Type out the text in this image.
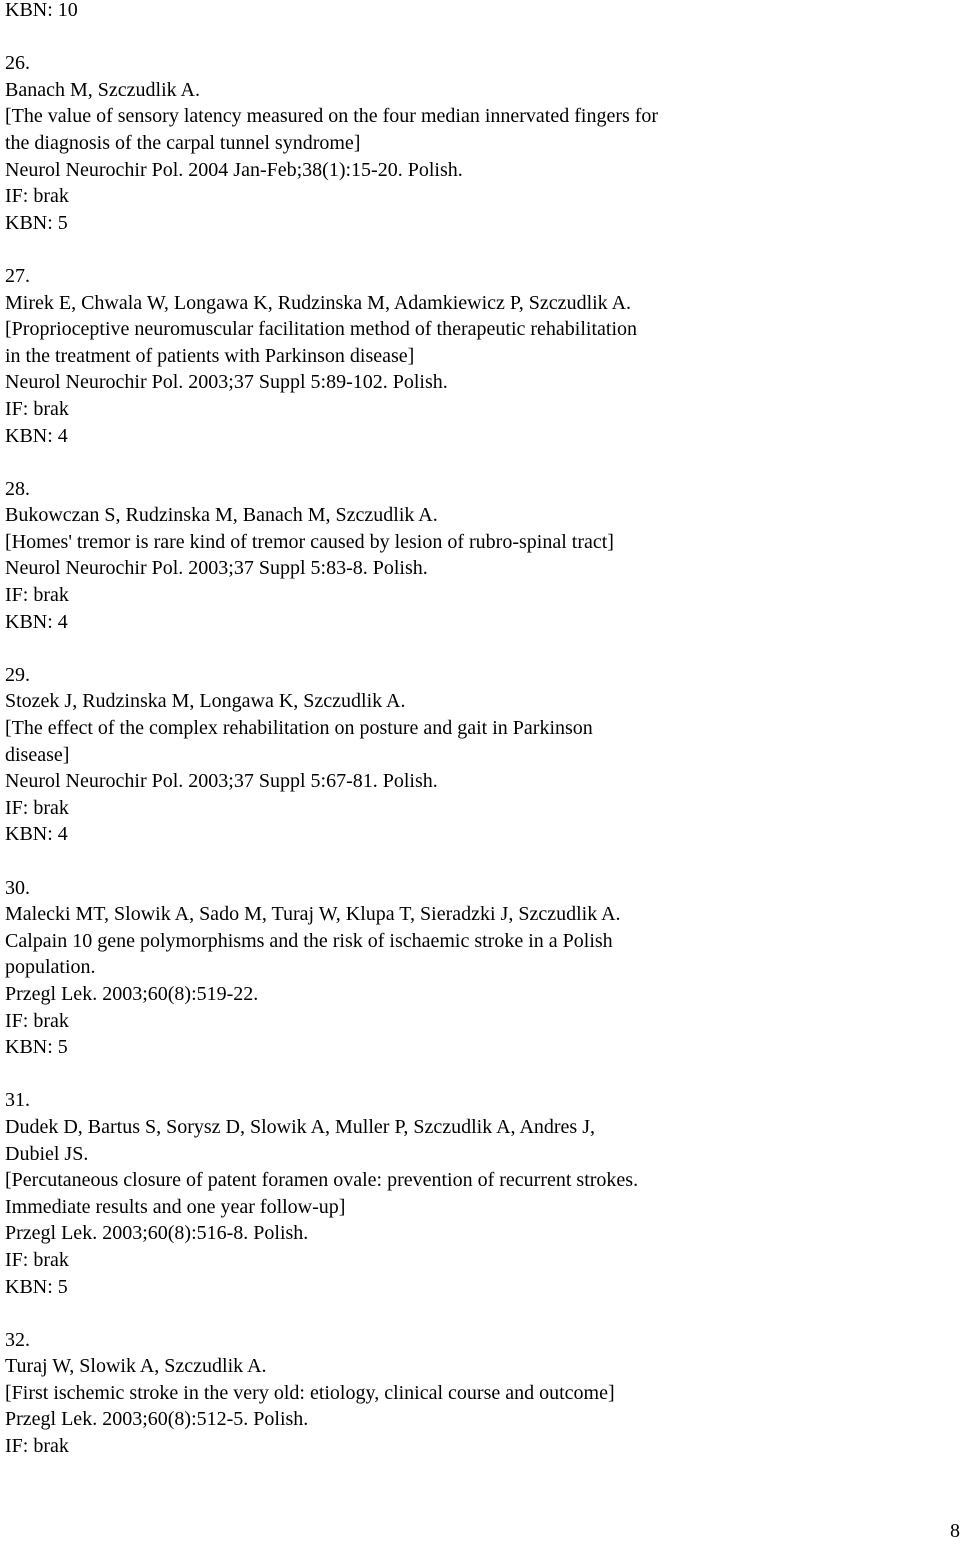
KBN: 10
26.
Banach M, Szczudlik A.
[The value of sensory latency measured on the four median innervated fingers for
the diagnosis of the carpal tunnel syndrome]
Neurol Neurochir Pol. 2004 Jan-Feb;38(1):15-20. Polish.
IF: brak
KBN: 5
27.
Mirek E, Chwala W, Longawa K, Rudzinska M, Adamkiewicz P, Szczudlik A.
[Proprioceptive neuromuscular facilitation method of therapeutic rehabilitation
in the treatment of patients with Parkinson disease]
Neurol Neurochir Pol. 2003;37 Suppl 5:89-102. Polish.
IF: brak
KBN: 4
28.
Bukowczan S, Rudzinska M, Banach M, Szczudlik A.
[Homes' tremor is rare kind of tremor caused by lesion of rubro-spinal tract]
Neurol Neurochir Pol. 2003;37 Suppl 5:83-8. Polish.
IF: brak
KBN: 4
29.
Stozek J, Rudzinska M, Longawa K, Szczudlik A.
[The effect of the complex rehabilitation on posture and gait in Parkinson
disease]
Neurol Neurochir Pol. 2003;37 Suppl 5:67-81. Polish.
IF: brak
KBN: 4
30.
Malecki MT, Slowik A, Sado M, Turaj W, Klupa T, Sieradzki J, Szczudlik A.
Calpain 10 gene polymorphisms and the risk of ischaemic stroke in a Polish
population.
Przegl Lek. 2003;60(8):519-22.
IF: brak
KBN: 5
31.
Dudek D, Bartus S, Sorysz D, Slowik A, Muller P, Szczudlik A, Andres J,
Dubiel JS.
[Percutaneous closure of patent foramen ovale: prevention of recurrent strokes.
Immediate results and one year follow-up]
Przegl Lek. 2003;60(8):516-8. Polish.
IF: brak
KBN: 5
32.
Turaj W, Slowik A, Szczudlik A.
[First ischemic stroke in the very old: etiology, clinical course and outcome]
Przegl Lek. 2003;60(8):512-5. Polish.
IF: brak
8
